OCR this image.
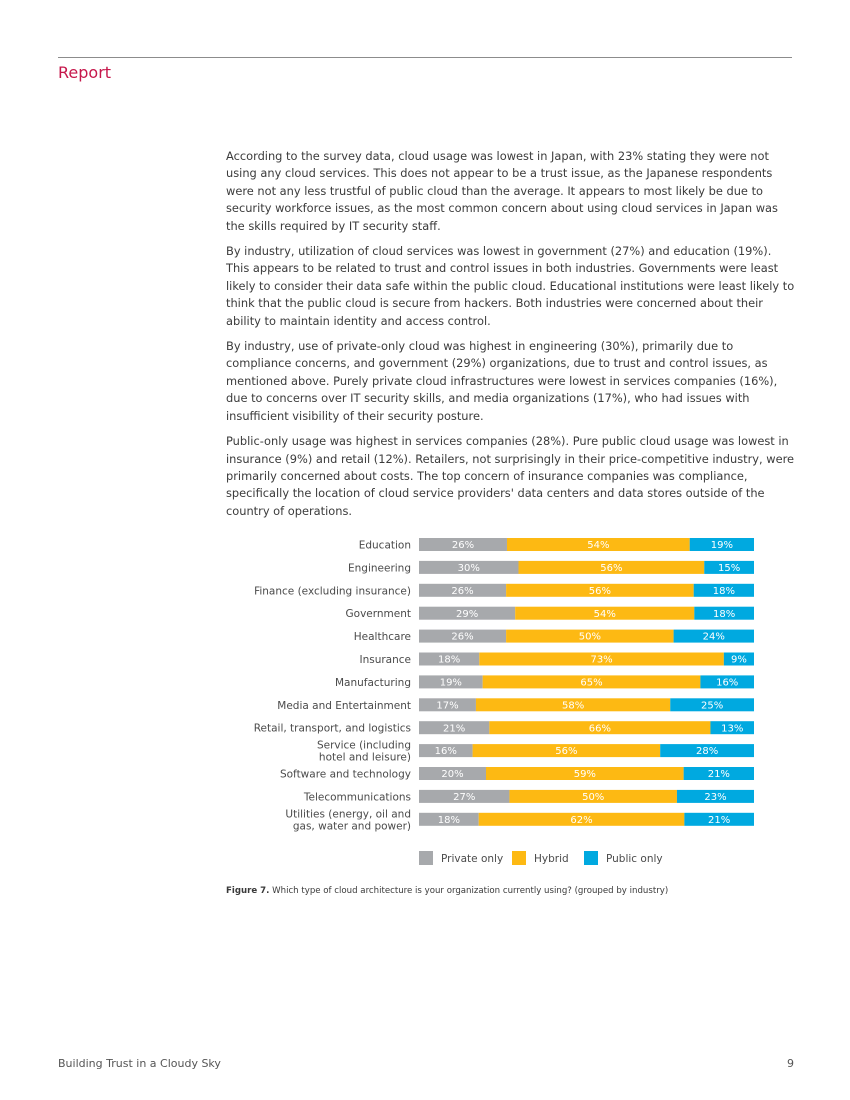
Report

According to the survey data, cloud usage was lowest in Japan, with 23% stating they were not using any cloud services. This does not appear to be a trust issue, as the Japanese respondents were not any less trustful of public cloud than the average. It appears to most likely be due to security workforce issues, as the most common concern about using cloud services in Japan was the skills required by IT security staff.

By industry, utilization of cloud services was lowest in government (27%) and education (19%). This appears to be related to trust and control issues in both industries. Governments were least likely to consider their data safe within the public cloud. Educational institutions were least likely to think that the public cloud is secure from hackers. Both industries were concerned about their ability to maintain identity and access control.

By industry, use of private-only cloud was highest in engineering (30%), primarily due to compliance concerns, and government (29%) organizations, due to trust and control issues, as mentioned above. Purely private cloud infrastructures were lowest in services companies (16%), due to concerns over IT security skills, and media organizations (17%), who had issues with insufficient visibility of their security posture.

Public-only usage was highest in services companies (28%). Pure public cloud usage was lowest in insurance (9%) and retail (12%). Retailers, not surprisingly in their price-competitive industry, were primarily concerned about costs. The top concern of insurance companies was compliance, specifically the location of cloud service providers' data centers and data stores outside of the country of operations.

Education	26%	54%	19%
Engineering	30%	56%	15%
Finance (excluding insurance)	26%	56%	18%
Government	29%	54%	18%
Healthcare	26%	50%	24%
Insurance	18%	73%	9%
Manufacturing	19%	65%	16%
Media and Entertainment	17%	58%	25%
Retail, transport, and logistics	21%	66%	13%
Service (including hotel and leisure) 16%	56%	28%
Software and technology	20%	59%	21%
Telecommunications	27%	50%	23%
Utilities (energy, oil and gas, water and power)	18%	62%	21%
Private only	Hybrid	Public only
Figure 7. Which type of cloud architecture is your organization currently using? (grouped by industry)
Building Trust in a Cloudy Sky	9
